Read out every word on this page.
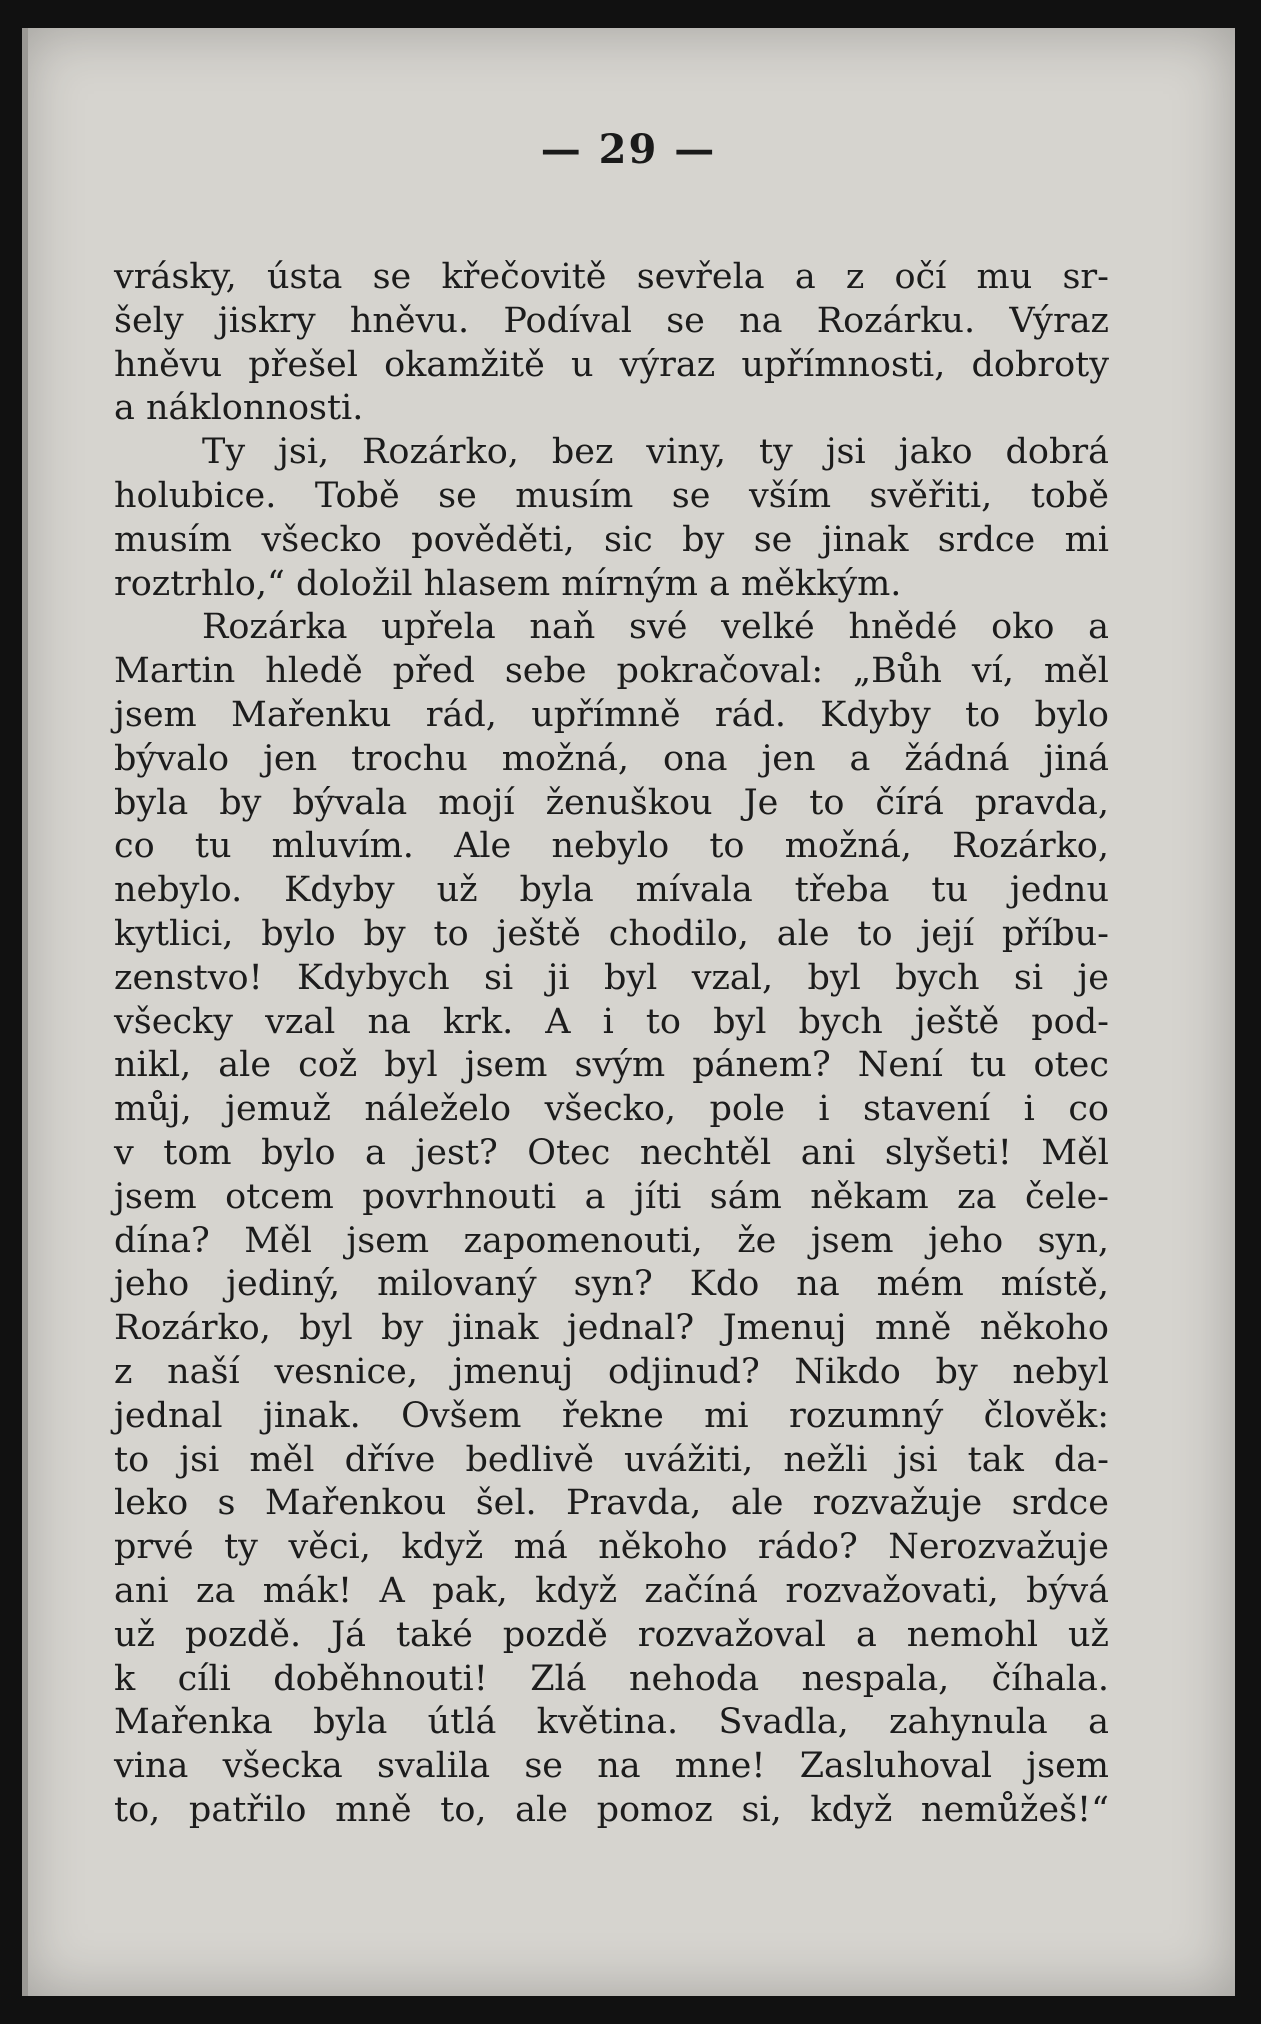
— 29 —
vrásky, ústa se křečovitě sevřela a z očí mu sr-
šely jiskry hněvu. Podíval se na Rozárku. Výraz
hněvu přešel okamžitě u výraz upřímnosti, dobroty
a náklonnosti.
Ty jsi, Rozárko, bez viny, ty jsi jako dobrá
holubice. Tobě se musím se vším svěřiti, tobě
musím všecko pověděti, sic by se jinak srdce mi
roztrhlo,“ doložil hlasem mírným a měkkým.
Rozárka upřela naň své velké hnědé oko a
Martin hledě před sebe pokračoval: „Bůh ví, měl
jsem Mařenku rád, upřímně rád. Kdyby to bylo
bývalo jen trochu možná, ona jen a žádná jiná
byla by bývala mojí ženuškou Je to čírá pravda,
co tu mluvím. Ale nebylo to možná, Rozárko,
nebylo. Kdyby už byla mívala třeba tu jednu
kytlici, bylo by to ještě chodilo, ale to její příbu-
zenstvo! Kdybych si ji byl vzal, byl bych si je
všecky vzal na krk. A i to byl bych ještě pod-
nikl, ale což byl jsem svým pánem? Není tu otec
můj, jemuž náleželo všecko, pole i stavení i co
v tom bylo a jest? Otec nechtěl ani slyšeti! Měl
jsem otcem povrhnouti a jíti sám někam za čele-
dína? Měl jsem zapomenouti, že jsem jeho syn,
jeho jediný, milovaný syn? Kdo na mém místě,
Rozárko, byl by jinak jednal? Jmenuj mně někoho
z naší vesnice, jmenuj odjinud? Nikdo by nebyl
jednal jinak. Ovšem řekne mi rozumný člověk:
to jsi měl dříve bedlivě uvážiti, nežli jsi tak da-
leko s Mařenkou šel. Pravda, ale rozvažuje srdce
prvé ty věci, když má někoho rádo? Nerozvažuje
ani za mák! A pak, když začíná rozvažovati, bývá
už pozdě. Já také pozdě rozvažoval a nemohl už
k cíli doběhnouti! Zlá nehoda nespala, číhala.
Mařenka byla útlá květina. Svadla, zahynula a
vina všecka svalila se na mne! Zasluhoval jsem
to, patřilo mně to, ale pomoz si, když nemůžeš!“
